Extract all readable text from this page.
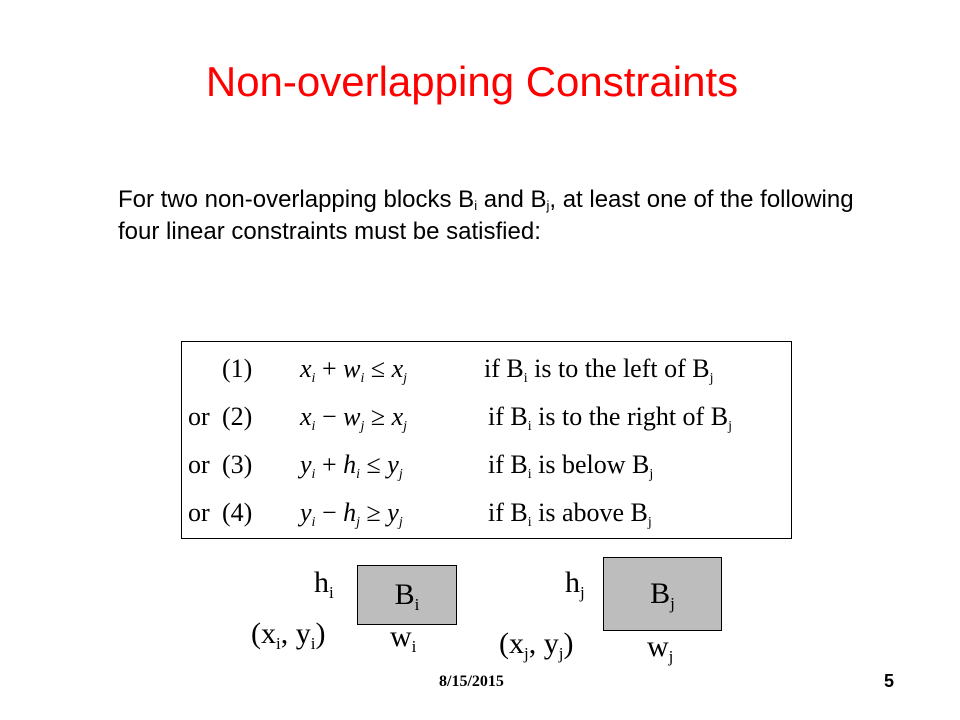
Non-overlapping Constraints
For two non-overlapping blocks $B_i$ and $B_j$, at least one of the following four linear constraints must be satisfied:
(1) $x_i + w_i \le x_j$	if $B_i$ is to the left of $B_j$
or (2) $x_i - w_j \ge x_j$	if $B_i$ is to the right of $B_j$
or (3) $y_i + h_i \le y_j$	if $B_i$ is below $B_j$
or (4) $y_i - h_j \ge y_j$	if $B_i$ is above $B_j$
$B_i$
$h_i$
$w_i$
($x_i$, $y_i$)
$B_j$
$h_j$
$w_j$
($x_j$, $y_j$)
8/15/2015	5
